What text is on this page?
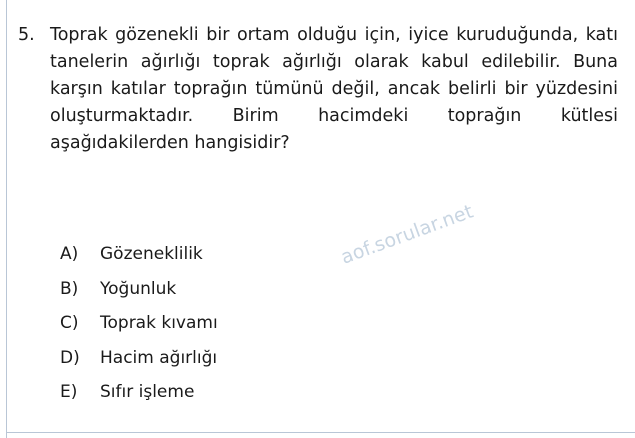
5. Toprak gözenekli bir ortam olduğu için, iyice kuruduğunda, katı tanelerin ağırlığı toprak ağırlığı olarak kabul edilebilir. Buna karşın katılar toprağın tümünü değil, ancak belirli bir yüzdesini oluşturmaktadır. Birim hacimdeki toprağın kütlesi aşağıdakilerden hangisidir?
A)	Gözeneklilik
B)	Yoğunluk
C)	Toprak kıvamı
D)	Hacim ağırlığı
E)	Sıfır işleme
aof.sorular.net
